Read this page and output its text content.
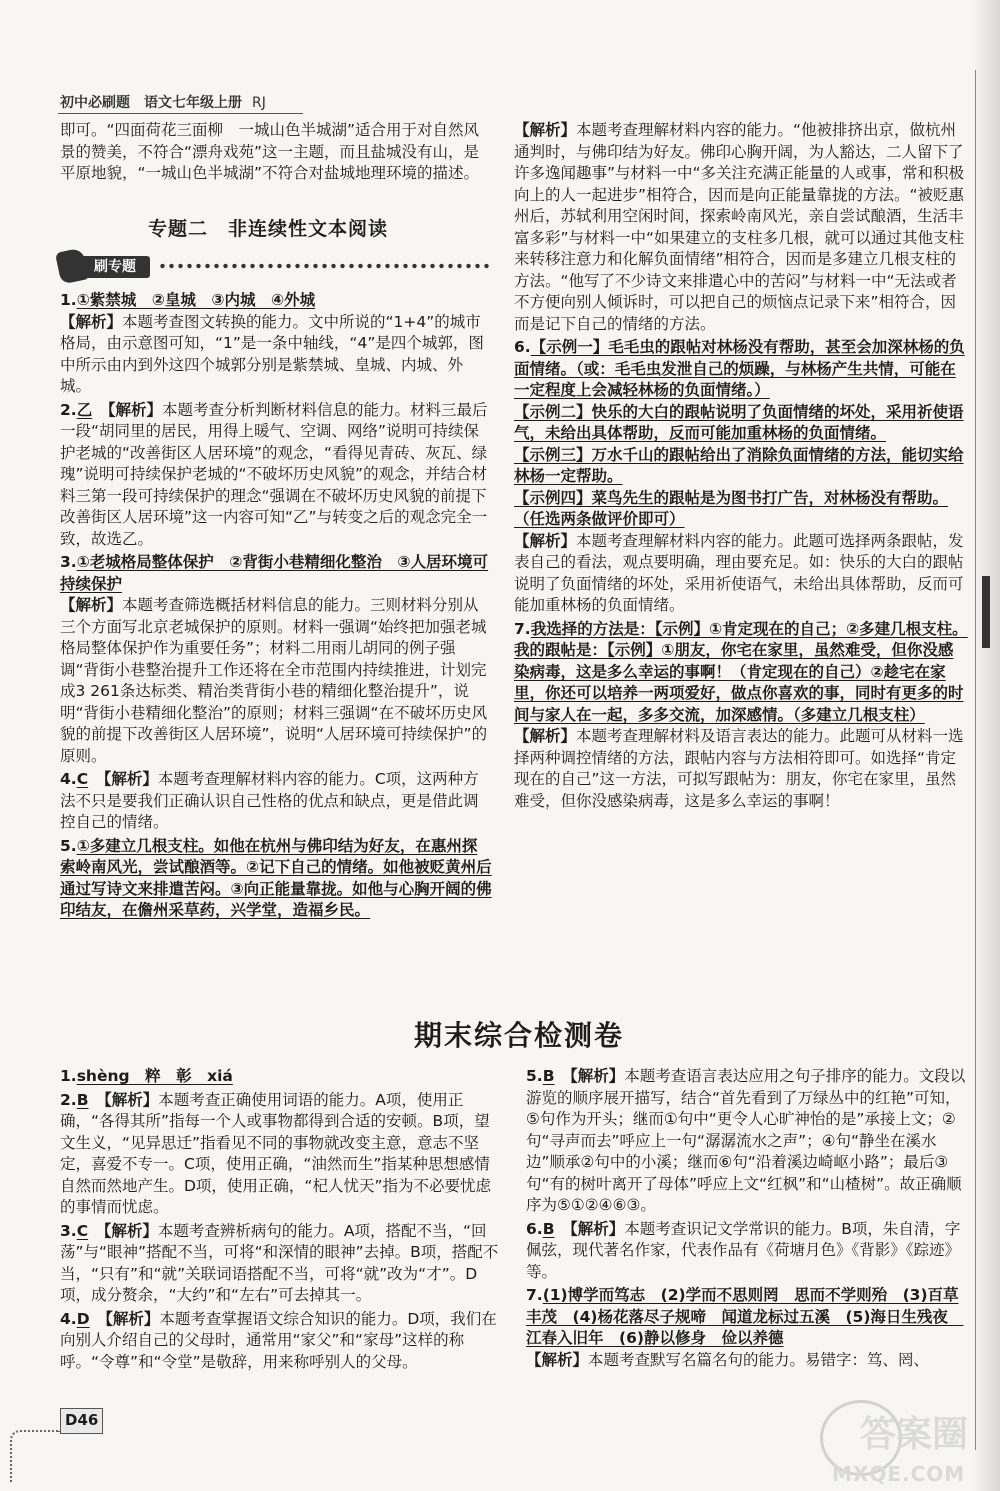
初中必刷题 语文七年级上册 RJ

即可。“四面荷花三面柳　一城山色半城湖”适合用于对自然风景的赞美，不符合“漂舟戏苑”这一主题，而且盐城没有山，是平原地貌，“一城山色半城湖”不符合对盐城地理环境的描述。

专题二　非连续性文本阅读
刷专题

1.①紫禁城　②皇城　③内城　④外城
【解析】本题考查图文转换的能力。文中所说的“1+4”的城市格局，由示意图可知，“1”是一条中轴线，“4”是四个城郭，图中所示由内到外这四个城郭分别是紫禁城、皇城、内城、外城。

2.乙　 【解析】本题考查分析判断材料信息的能力。材料三最后一段“胡同里的居民，用得上暖气、空调、网络”说明可持续保护老城的“改善街区人居环境”的观念，“看得见青砖、灰瓦、绿瑰”说明可持续保护老城的“不破坏历史风貌”的观念，并结合材料三第一段可持续保护的理念“强调在不破坏历史风貌的前提下改善街区人居环境”这一内容可知“乙”与转变之后的观念完全一致，故选乙。

3.①老城格局整体保护　②背街小巷精细化整治　③人居环境可持续保护
【解析】本题考查筛选概括材料信息的能力。三则材料分别从三个方面写北京老城保护的原则。材料一强调“始终把加强老城格局整体保护作为重要任务”；材料二用雨儿胡同的例子强调“背街小巷整治提升工作还将在全市范围内持续推进，计划完成3 261条达标类、精治类背街小巷的精细化整治提升”，说明“背街小巷精细化整治”的原则；材料三强调“在不破坏历史风貌的前提下改善街区人居环境”，说明“人居环境可持续保护”的原则。

4.C　 【解析】本题考查理解材料内容的能力。C项，这两种方法不只是要我们正确认识自己性格的优点和缺点，更是借此调控自己的情绪。

5.①多建立几根支柱。如他在杭州与佛印结为好友，在惠州探索岭南风光，尝试酿酒等。②记下自己的情绪。如他被贬黄州后通过写诗文来排遣苦闷。③向正能量靠拢。如他与心胸开阔的佛印结友，在儋州采草药，兴学堂，造福乡民。

【解析】本题考查理解材料内容的能力。“他被排挤出京，做杭州通判时，与佛印结为好友。佛印心胸开阔，为人豁达，二人留下了许多逸闻趣事”与材料一中“多关注充满正能量的人或事，常和积极向上的人一起进步”相符合，因而是向正能量靠拢的方法。“被贬惠州后，苏轼利用空闲时间，探索岭南风光，亲自尝试酿酒，生活丰富多彩”与材料一中“如果建立的支柱多几根，就可以通过其他支柱来转移注意力和化解负面情绪”相符合，因而是多建立几根支柱的方法。“他写了不少诗文来排遣心中的苦闷”与材料一中“无法或者不方便向别人倾诉时，可以把自己的烦恼点记录下来”相符合，因而是记下自己的情绪的方法。

6.【示例一】毛毛虫的跟帖对林杨没有帮助，甚至会加深林杨的负面情绪。（或：毛毛虫发泄自己的烦躁，与林杨产生共情，可能在一定程度上会减轻林杨的负面情绪。）
【示例二】快乐的大白的跟帖说明了负面情绪的坏处，采用祈使语气，未给出具体帮助，反而可能加重林杨的负面情绪。
【示例三】万水千山的跟帖给出了消除负面情绪的方法，能切实给林杨一定帮助。
【示例四】菜鸟先生的跟帖是为图书打广告，对林杨没有帮助。（任选两条做评价即可）
【解析】本题考查理解材料内容的能力。此题可选择两条跟帖，发表自己的看法，观点要明确，理由要充足。如：快乐的大白的跟帖说明了负面情绪的坏处，采用祈使语气，未给出具体帮助，反而可能加重林杨的负面情绪。

7.我选择的方法是：【示例】①肯定现在的自己；②多建几根支柱。
我的跟帖是：【示例】①朋友，你宅在家里，虽然难受，但你没感染病毒，这是多么幸运的事啊！（肯定现在的自己）②趁宅在家里，你还可以培养一两项爱好，做点你喜欢的事，同时有更多的时间与家人在一起，多多交流，加深感情。（多建立几根支柱）
【解析】本题考查理解材料及语言表达的能力。此题可从材料一选择两种调控情绪的方法，跟帖内容与方法相符即可。如选择“肯定现在的自己”这一方法，可拟写跟帖为：朋友，你宅在家里，虽然难受，但你没感染病毒，这是多么幸运的事啊！

期末综合检测卷

1.shèng　粹　彰　xiá

2.B　 【解析】本题考查正确使用词语的能力。A项，使用正确，“各得其所”指每一个人或事物都得到合适的安顿。B项，望文生义，“见异思迁”指看见不同的事物就改变主意，意志不坚定，喜爱不专一。C项，使用正确，“油然而生”指某种思想感情自然而然地产生。D项，使用正确，“杞人忧天”指为不必要忧虑的事情而忧虑。

3.C　 【解析】本题考查辨析病句的能力。A项，搭配不当，“回荡”与“眼神”搭配不当，可将“和深情的眼神”去掉。B项，搭配不当，“只有”和“就”关联词语搭配不当，可将“就”改为“才”。D项，成分赘余，“大约”和“左右”可去掉其一。

4.D　 【解析】本题考查掌握语文综合知识的能力。D项，我们在向别人介绍自己的父母时，通常用“家父”和“家母”这样的称呼。“令尊”和“令堂”是敬辞，用来称呼别人的父母。

5.B　 【解析】本题考查语言表达应用之句子排序的能力。文段以游览的顺序展开描写，结合“首先看到了万绿丛中的红艳”可知，⑤句作为开头；继而①句中“更令人心旷神怡的是”承接上文；②句“寻声而去”呼应上一句“潺潺流水之声”；④句“静坐在溪水边”顺承②句中的小溪；继而⑥句“沿着溪边崎岖小路”；最后③句“有的树叶离开了母体”呼应上文“红枫”和“山楂树”。故正确顺序为⑤①②④⑥③。

6.B　 【解析】本题考查识记文学常识的能力。B项，朱自清，字佩弦，现代著名作家，代表作品有《荷塘月色》《背影》《踪迹》等。

7.(1)博学而笃志　(2)学而不思则罔　思而不学则殆　(3)百草丰茂　(4)杨花落尽子规啼　闻道龙标过五溪　(5)海日生残夜　江春入旧年　(6)静以修身　俭以养德
【解析】本题考查默写名篇名句的能力。易错字：笃、罔、

D46	答案圈
MXQE.COM
